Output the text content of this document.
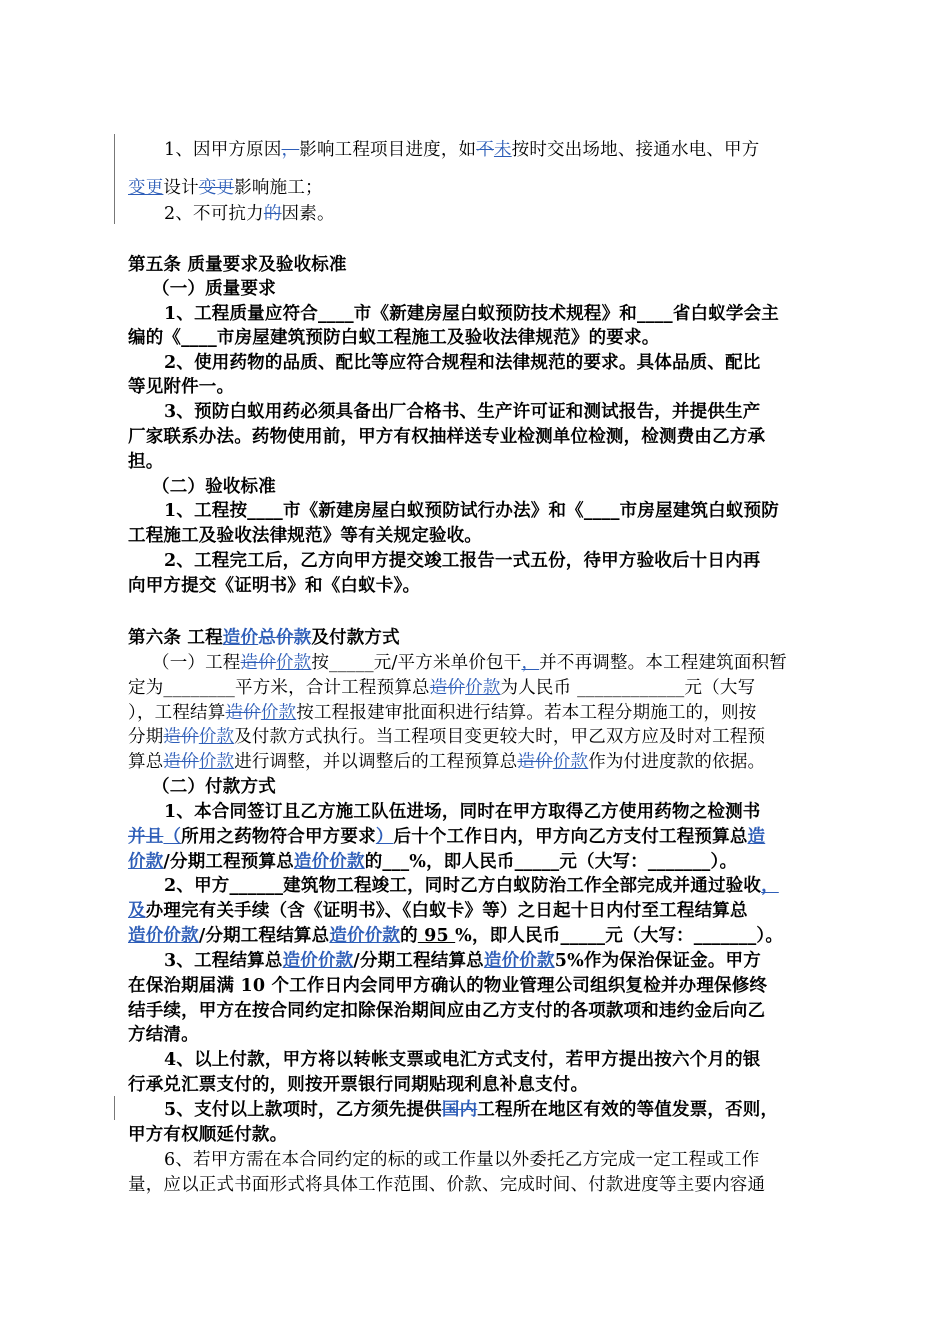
1、因甲方原因，影响工程项目进度，如不未按时交出场地、接通水电、甲方
变更设计变更影响施工；
2、不可抗力的因素。
第五条 质量要求及验收标准
（一）质量要求
1、工程质量应符合____市《新建房屋白蚁预防技术规程》和____省白蚁学会主
编的《____市房屋建筑预防白蚁工程施工及验收法律规范》的要求。
2、使用药物的品质、配比等应符合规程和法律规范的要求。具体品质、配比
等见附件一。
3、预防白蚁用药必须具备出厂合格书、生产许可证和测试报告，并提供生产
厂家联系办法。药物使用前，甲方有权抽样送专业检测单位检测，检测费由乙方承
担。
（二）验收标准
1、工程按____市《新建房屋白蚁预防试行办法》和《____市房屋建筑白蚁预防
工程施工及验收法律规范》等有关规定验收。
2、工程完工后，乙方向甲方提交竣工报告一式五份，待甲方验收后十日内再
向甲方提交《证明书》和《白蚁卡》。
第六条 工程造价总价款及付款方式
（一）工程造价价款按_____元/平方米单价包干，并不再调整。本工程建筑面积暂
定为________平方米，合计工程预算总造价价款为人民币 ____________元（大写
），工程结算造价价款按工程报建审批面积进行结算。若本工程分期施工的，则按
分期造价价款及付款方式执行。当工程项目变更较大时，甲乙双方应及时对工程预
算总造价价款进行调整，并以调整后的工程预算总造价价款作为付进度款的依据。
（二）付款方式
1、本合同签订且乙方施工队伍进场，同时在甲方取得乙方使用药物之检测书
并且（所用之药物符合甲方要求）后十个工作日内，甲方向乙方支付工程预算总造
价款/分期工程预算总造价价款的___%，即人民币_____元（大写：_______）。
2、甲方______建筑物工程竣工，同时乙方白蚁防治工作全部完成并通过验收，
及办理完有关手续（含《证明书》、《白蚁卡》等）之日起十日内付至工程结算总
造价价款/分期工程结算总造价价款的 95 %，即人民币_____元（大写：_______）。
3、工程结算总造价价款/分期工程结算总造价价款5%作为保治保证金。甲方
在保治期届满 10 个工作日内会同甲方确认的物业管理公司组织复检并办理保修终
结手续，甲方在按合同约定扣除保治期间应由乙方支付的各项款项和违约金后向乙
方结清。
4、以上付款，甲方将以转帐支票或电汇方式支付，若甲方提出按六个月的银
行承兑汇票支付的，则按开票银行同期贴现利息补息支付。
5、支付以上款项时，乙方须先提供国内工程所在地区有效的等值发票，否则，
甲方有权顺延付款。
6、若甲方需在本合同约定的标的或工作量以外委托乙方完成一定工程或工作
量，应以正式书面形式将具体工作范围、价款、完成时间、付款进度等主要内容通
